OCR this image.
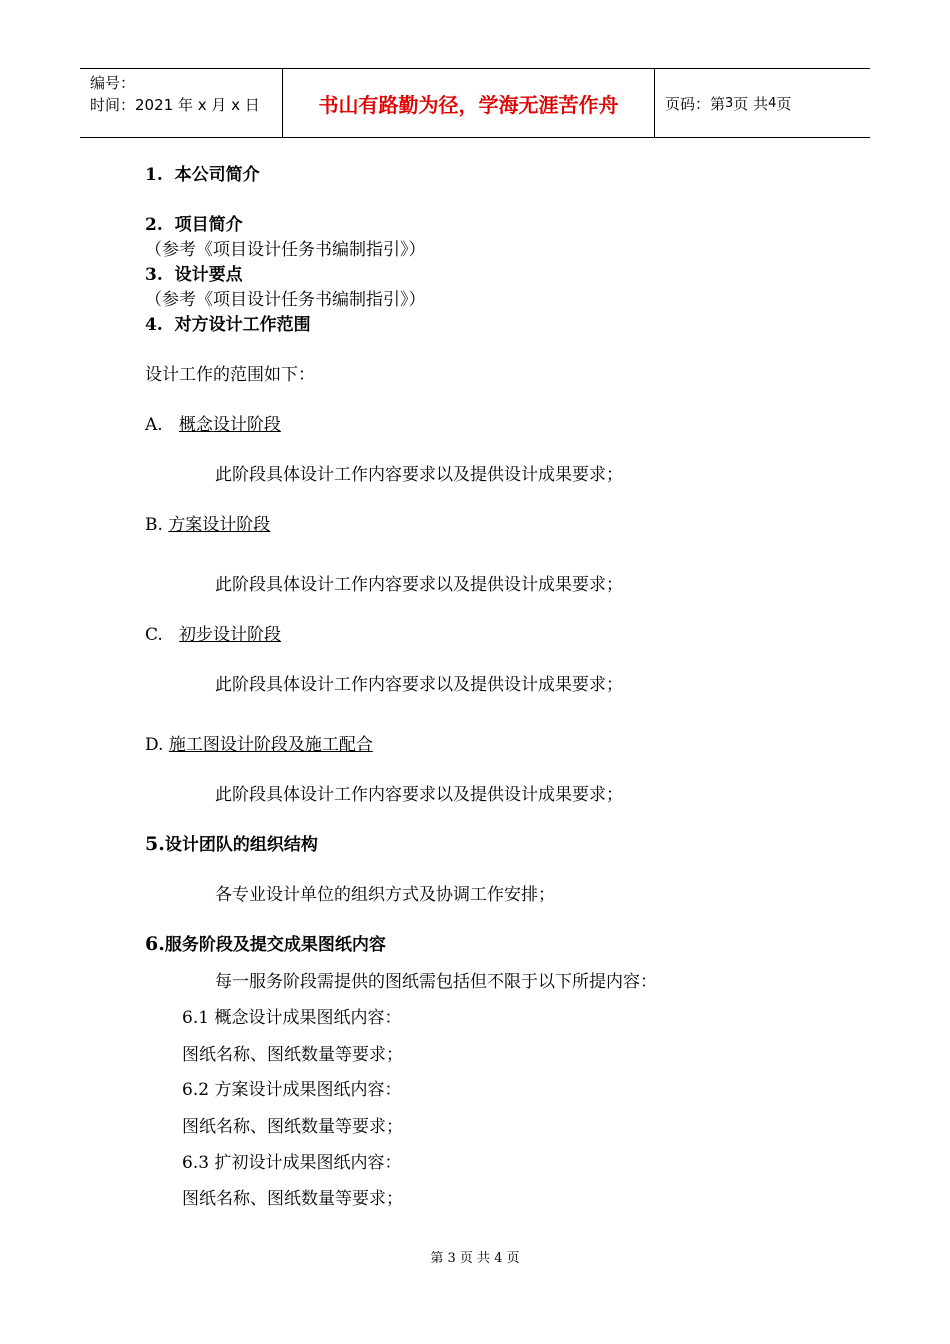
编号：
时间：2021 年 x 月 x 日	书山有路勤为径，学海无涯苦作舟	页码：第 3 页 共 4 页
1. 本公司简介
2. 项目简介
（参考《项目设计任务书编制指引》）
3. 设计要点
（参考《项目设计任务书编制指引》）
4. 对方设计工作范围
设计工作的范围如下：
A. 概念设计阶段
此阶段具体设计工作内容要求以及提供设计成果要求；
B. 方案设计阶段
此阶段具体设计工作内容要求以及提供设计成果要求；
C. 初步设计阶段
此阶段具体设计工作内容要求以及提供设计成果要求；
D. 施工图设计阶段及施工配合
此阶段具体设计工作内容要求以及提供设计成果要求；
5.设计团队的组织结构
各专业设计单位的组织方式及协调工作安排；
6.服务阶段及提交成果图纸内容
每一服务阶段需提供的图纸需包括但不限于以下所提内容：
6.1 概念设计成果图纸内容：
图纸名称、图纸数量等要求；
6.2 方案设计成果图纸内容：
图纸名称、图纸数量等要求；
6.3 扩初设计成果图纸内容：
图纸名称、图纸数量等要求；
第 3 页 共 4 页
